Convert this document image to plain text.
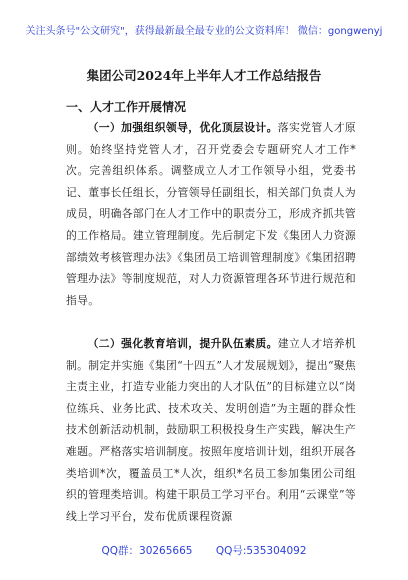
关注头条号"公文研究"，获得最新最全最专业的公文资料库！ 微信：gongwenyj
集团公司2024年上半年人才工作总结报告
一、人才工作开展情况
（一）加强组织领导，优化顶层设计。落实党管人才原则。始终坚持党管人才，召开党委会专题研究人才工作*次。完善组织体系。调整成立人才工作领导小组，党委书记、董事长任组长，分管领导任副组长，相关部门负责人为成员，明确各部门在人才工作中的职责分工，形成齐抓共管的工作格局。建立管理制度。先后制定下发《集团人力资源部绩效考核管理办法》《集团员工培训管理制度》《集团招聘管理办法》等制度规范，对人力资源管理各环节进行规范和指导。
（二）强化教育培训，提升队伍素质。建立人才培养机制。制定并实施《集团“十四五”人才发展规划》，提出“聚焦主责主业，打造专业能力突出的人才队伍”的目标建立以“岗位练兵、业务比武、技术攻关、发明创造”为主题的群众性技术创新活动机制，鼓励职工积极投身生产实践，解决生产难题。严格落实培训制度。按照年度培训计划，组织开展各类培训*次，覆盖员工*人次，组织*名员工参加集团公司组织的管理类培训。构建干职员工学习平台。利用“云课堂”等线上学习平台，发布优质课程资源
QQ群：30265665 QQ号:535304092
